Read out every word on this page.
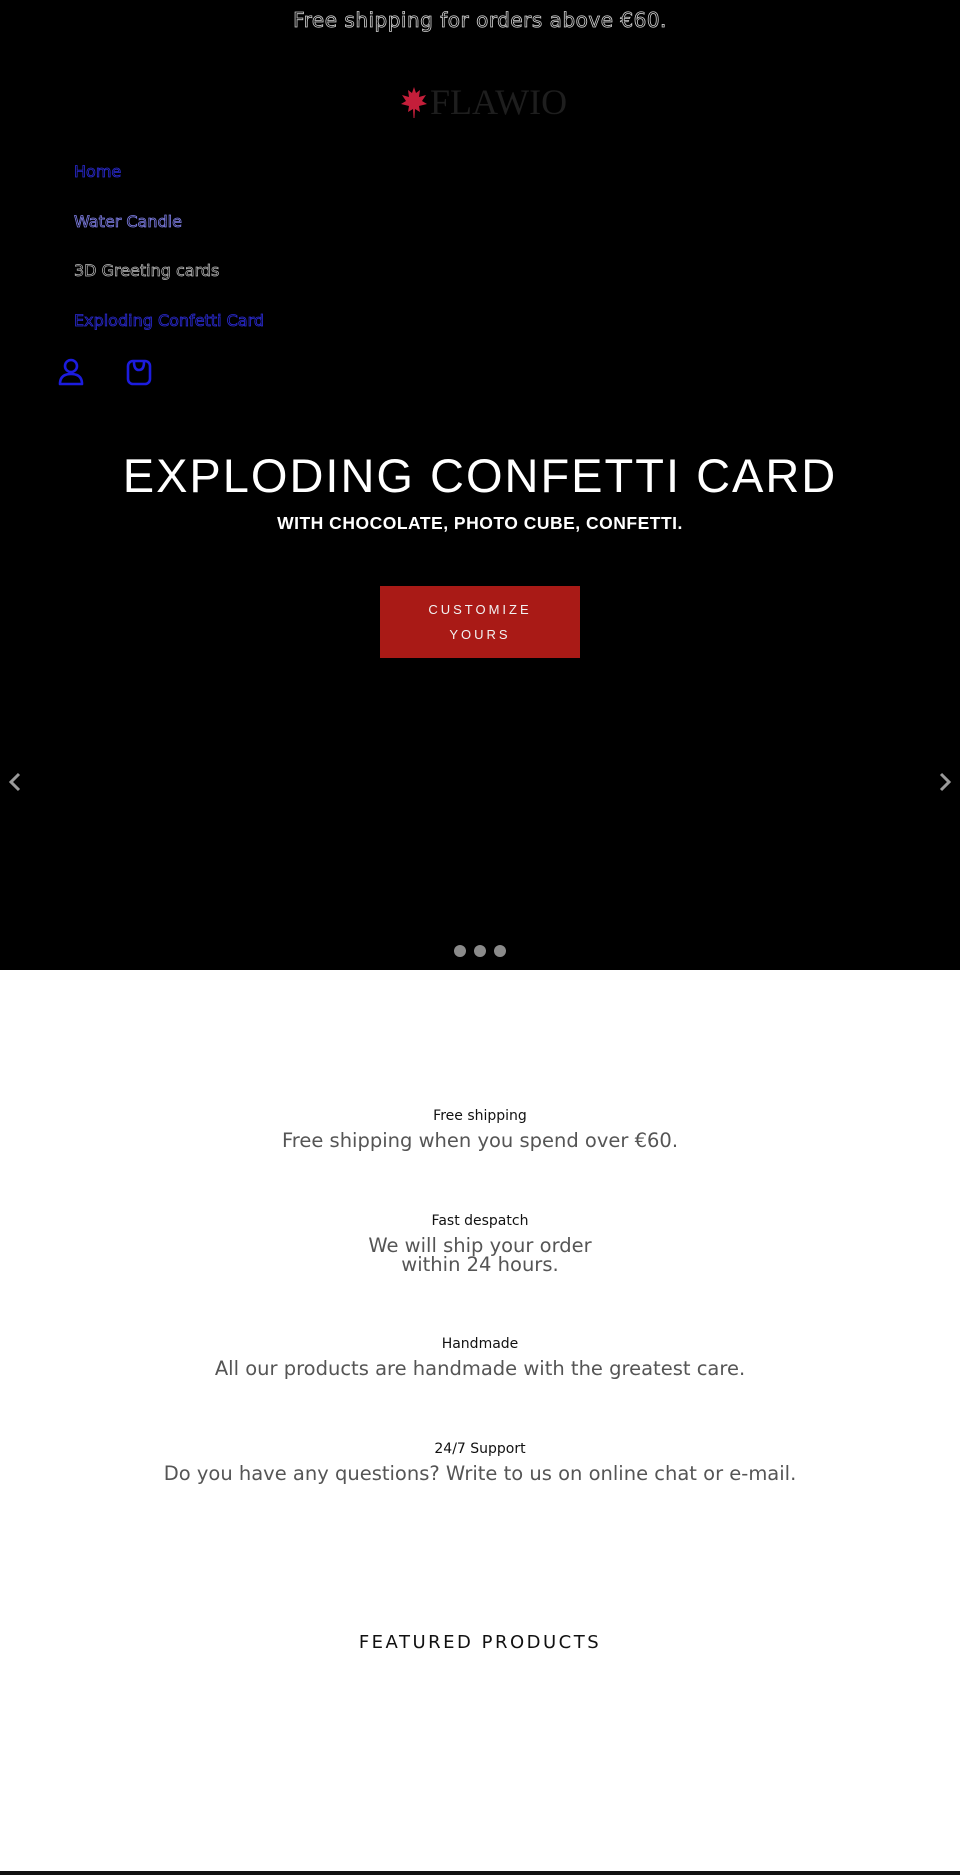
Free shipping for orders above €60.
FLAWIO
Home
Water Candle
3D Greeting cards
Exploding Confetti Card
EXPLODING CONFETTI CARD
WITH CHOCOLATE, PHOTO CUBE, CONFETTI.
CUSTOMIZE
YOURS
Free shipping
Free shipping when you spend over €60.
Fast despatch
We will ship your order
within 24 hours.
Handmade
All our products are handmade with the greatest care.
24/7 Support
Do you have any questions? Write to us on online chat or e-mail.
FEATURED PRODUCTS
